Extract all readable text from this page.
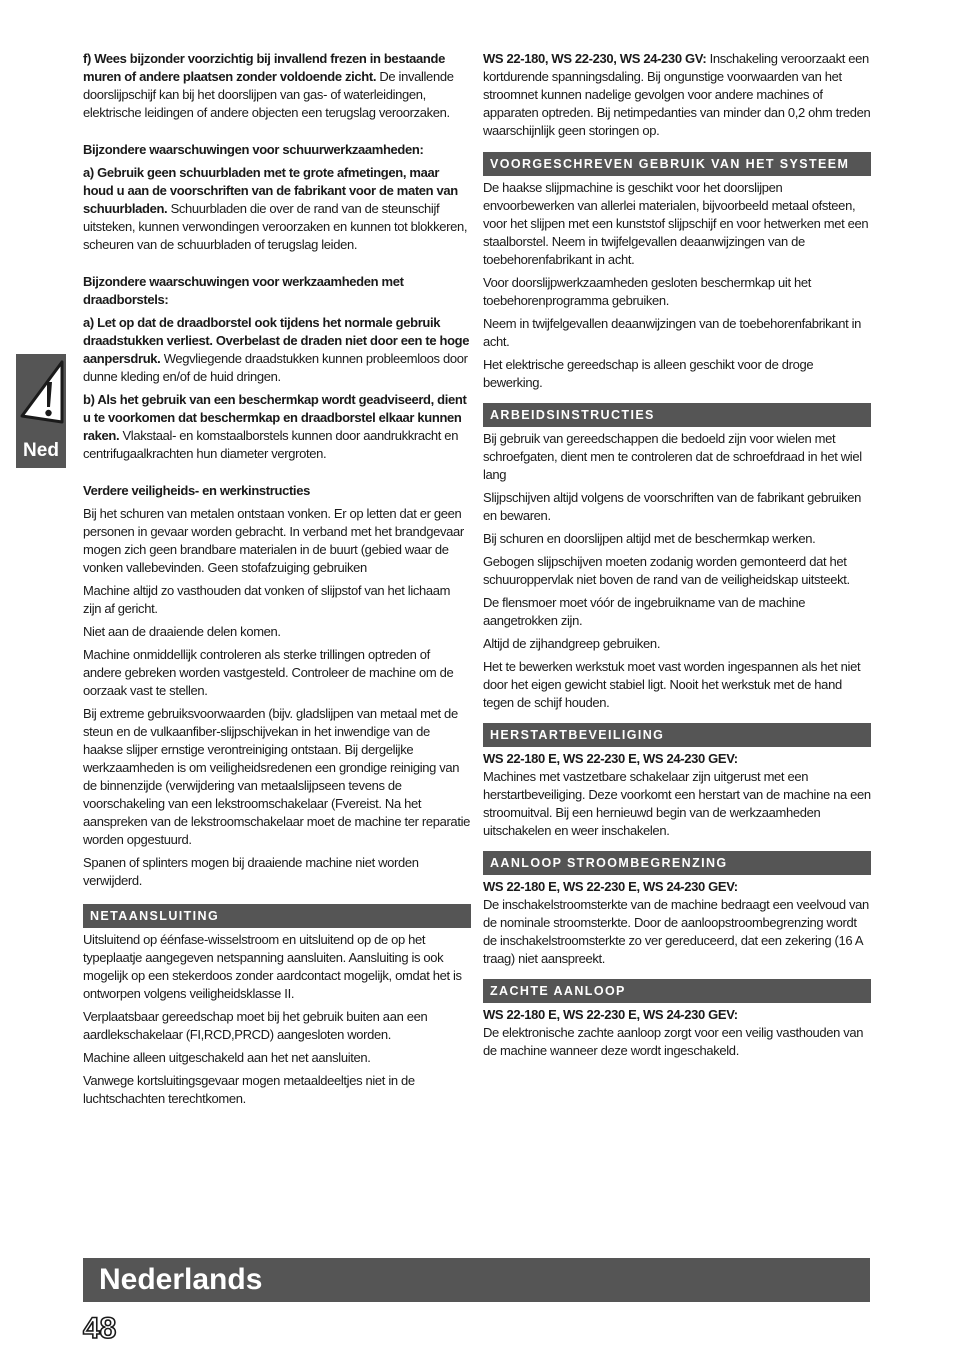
Ned

f) Wees bijzonder voorzichtig bij invallend frezen in bestaande muren of andere plaatsen zonder voldoende zicht. De invallende doorslijpschijf kan bij het doorslijpen van gas- of waterleidingen, elektrische leidingen of andere objecten een terugslag veroorzaken.

Bijzondere waarschuwingen voor schuurwerkzaamheden:

a) Gebruik geen schuurbladen met te grote afmetingen, maar houd u aan de voorschriften van de fabrikant voor de maten van schuurbladen. Schuurbladen die over de rand van de steunschijf uitsteken, kunnen verwondingen veroorzaken en kunnen tot blokkeren, scheuren van de schuurbladen of terugslag leiden.

Bijzondere waarschuwingen voor werkzaamheden met draadborstels:

a) Let op dat de draadborstel ook tijdens het normale gebruik draadstukken verliest. Overbelast de draden niet door een te hoge aanpersdruk. Wegvliegende draadstukken kunnen probleemloos door dunne kleding en/of de huid dringen.

b) Als het gebruik van een beschermkap wordt geadviseerd, dient u te voorkomen dat beschermkap en draadborstel elkaar kunnen raken. Vlakstaal- en komstaalborstels kunnen door aandrukkracht en centrifugaalkrachten hun diameter vergroten.

Verdere veiligheids- en werkinstructies

Bij het schuren van metalen ontstaan vonken. Er op letten dat er geen personen in gevaar worden gebracht. In verband met het brandgevaar mogen zich geen brandbare materialen in de buurt (gebied waar de vonken vallebevinden. Geen stofafzuiging gebruiken

Machine altijd zo vasthouden dat vonken of slijpstof van het lichaam zijn af gericht.

Niet aan de draaiende delen komen.

Machine onmiddellijk controleren als sterke trillingen optreden of andere gebreken worden vastgesteld. Controleer de machine om de oorzaak vast te stellen.

Bij extreme gebruiksvoorwaarden (bijv. gladslijpen van metaal met de steun en de vulkaanfiber-slijpschijvekan in het inwendige van de haakse slijper ernstige verontreiniging ontstaan. Bij dergelijke werkzaamheden is om veiligheidsredenen een grondige reiniging van de binnenzijde (verwijdering van metaalslijpseen tevens de voorschakeling van een lekstroomschakelaar (Fvereist. Na het aanspreken van de lekstroomschakelaar moet de machine ter reparatie worden opgestuurd.

Spanen of splinters mogen bij draaiende machine niet worden verwijderd.

NETAANSLUITING

Uitsluitend op éénfase-wisselstroom en uitsluitend op de op het typeplaatje aangegeven netspanning aansluiten. Aansluiting is ook mogelijk op een stekerdoos zonder aardcontact mogelijk, omdat het is ontworpen volgens veiligheidsklasse II.

Verplaatsbaar gereedschap moet bij het gebruik buiten aan een aardlekschakelaar (FI,RCD,PRCD) aangesloten worden.

Machine alleen uitgeschakeld aan het net aansluiten.

Vanwege kortsluitingsgevaar mogen metaaldeeltjes niet in de luchtschachten terechtkomen.

WS 22-180, WS 22-230, WS 24-230 GV: Inschakeling veroorzaakt een kortdurende spanningsdaling. Bij ongunstige voorwaarden van het stroomnet kunnen nadelige gevolgen voor andere machines of apparaten optreden. Bij netimpedanties van minder dan 0,2 ohm treden waarschijnlijk geen storingen op.

VOORGESCHREVEN GEBRUIK VAN HET SYSTEEM

De haakse slijpmachine is geschikt voor het doorslijpen envoorbewerken van allerlei materialen, bijvoorbeeld metaal ofsteen, voor het slijpen met een kunststof slijpschijf en voor hetwerken met een staalborstel. Neem in twijfelgevallen deaanwijzingen van de toebehorenfabrikant in acht.

Voor doorslijpwerkzaamheden gesloten beschermkap uit het toebehorenprogramma gebruiken.

Neem in twijfelgevallen deaanwijzingen van de toebehorenfabrikant in acht.

Het elektrische gereedschap is alleen geschikt voor de droge bewerking.

ARBEIDSINSTRUCTIES

Bij gebruik van gereedschappen die bedoeld zijn voor wielen met schroefgaten, dient men te controleren dat de schroefdraad in het wiel lang

Slijpschijven altijd volgens de voorschriften van de fabrikant gebruiken en bewaren.

Bij schuren en doorslijpen altijd met de beschermkap werken.

Gebogen slijpschijven moeten zodanig worden gemonteerd dat het schuuroppervlak niet boven de rand van de veiligheidskap uitsteekt.

De flensmoer moet vóór de ingebruikname van de machine aangetrokken zijn.

Altijd de zijhandgreep gebruiken.

Het te bewerken werkstuk moet vast worden ingespannen als het niet door het eigen gewicht stabiel ligt. Nooit het werkstuk met de hand tegen de schijf houden.

HERSTARTBEVEILIGING
WS 22-180 E, WS 22-230 E, WS 24-230 GEV:

Machines met vastzetbare schakelaar zijn uitgerust met een herstartbeveiliging. Deze voorkomt een herstart van de machine na een stroomuitval. Bij een hernieuwd begin van de werkzaamheden uitschakelen en weer inschakelen.

AANLOOP STROOMBEGRENZING
WS 22-180 E, WS 22-230 E, WS 24-230 GEV:

De inschakelstroomsterkte van de machine bedraagt een veelvoud van de nominale stroomsterkte. Door de aanloopstroombegrenzing wordt de inschakelstroomsterkte zo ver gereduceerd, dat een zekering (16 A traag) niet aanspreekt.

ZACHTE AANLOOP
WS 22-180 E, WS 22-230 E, WS 24-230 GEV:

De elektronische zachte aanloop zorgt voor een veilig vasthouden van de machine wanneer deze wordt ingeschakeld.

Nederlands
48
